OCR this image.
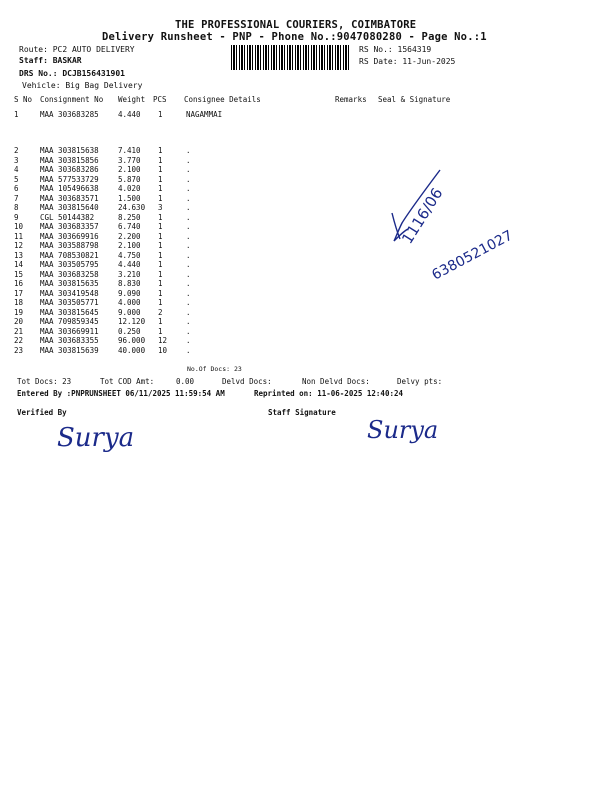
THE PROFESSIONAL COURIERS, COIMBATORE
Delivery Runsheet - PNP - Phone No.:9047080280 - Page No.:1
Route: PC2 AUTO DELIVERY
Staff: BASKAR
DRS No.: DCJB156431901
Vehicle: Big Bag Delivery
RS No.: 1564319
RS Date: 11-Jun-2025
S No Consignment No Weight PCS Consignee Details	Remarks Seal & Signature
1	MAA 303683285	4.440 1	NAGAMMAI
2	MAA 303815638	7.410 1	.
3	MAA 303815856	3.770 1	.
4	MAA 303683286	2.100 1	.
5	MAA 577533729	5.870 1	.
6	MAA 105496638	4.020 1	.
7	MAA 303683571	1.500 1	.
8	MAA 303815640	24.630 3	.
9	CGL 50144382	8.250 1	.
10 MAA 303683357	6.740 1	.
11 MAA 303669916	2.200 1	.
12 MAA 303588798	2.100 1	.
13 MAA 708530821	4.750 1	.
14 MAA 303505795	4.440 1	.
15 MAA 303683258	3.210 1	.
16 MAA 303815635	8.830 1	.
17 MAA 303419548	9.090 1	.
18 MAA 303505771	4.000 1	.
19 MAA 303815645	9.000 2	.
20 MAA 709859345	12.120 1	.
21 MAA 303669911	0.250 1	.
22 MAA 303683355	96.000 12	.
23 MAA 303815639	40.000 10	.
No.Of Docs: 23
1116/06
6380521027
Tot Docs: 23	Tot COD Amt:	0.00	Delvd Docs:	Non Delvd Docs:	Delvy pts:
Entered By :PNPRUNSHEET 06/11/2025 11:59:54 AM	Reprinted on: 11-06-2025 12:40:24
Verified By	Staff Signature
Surya	Surya
